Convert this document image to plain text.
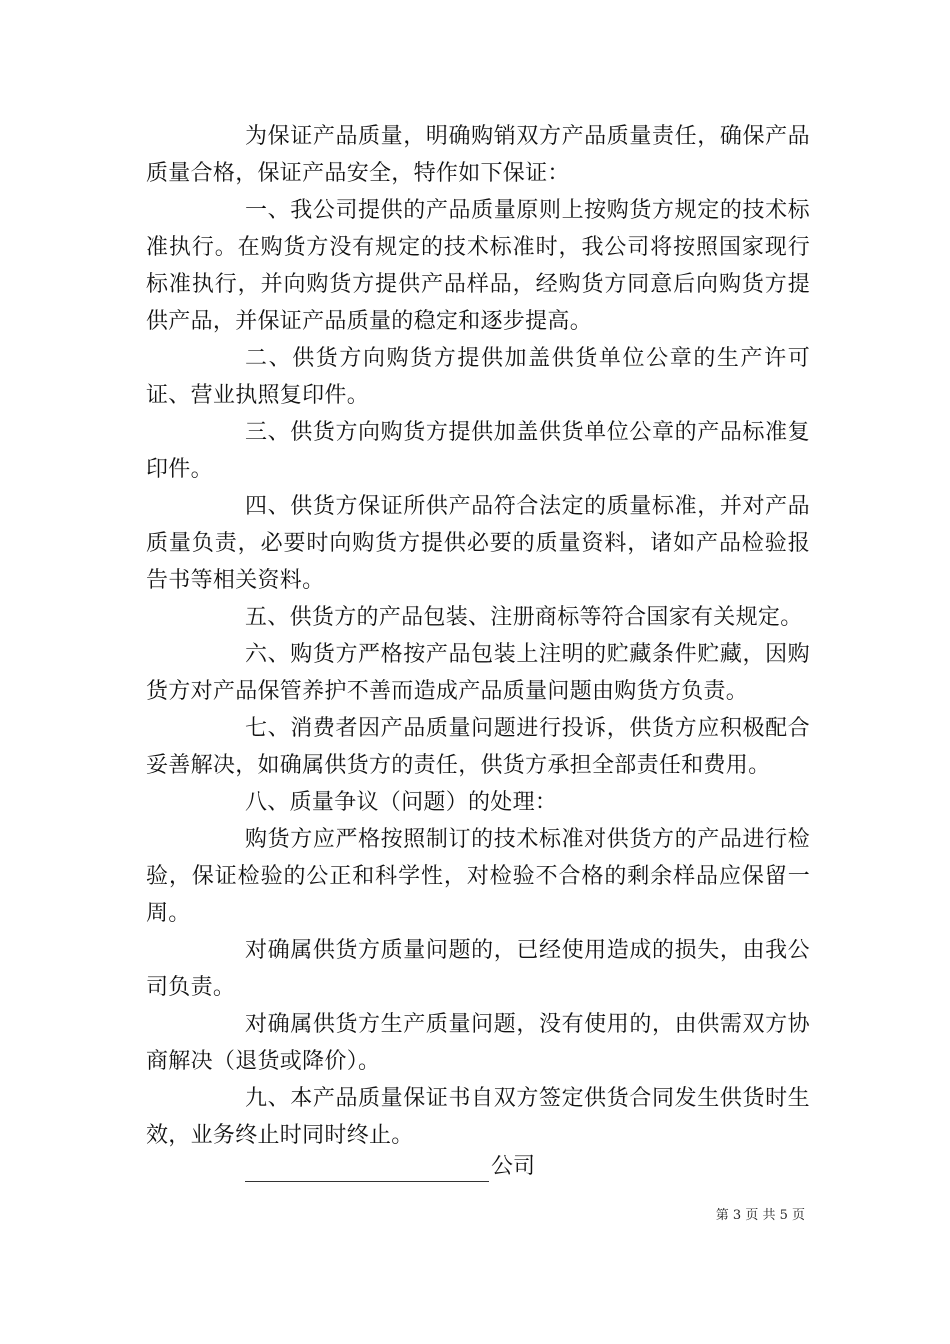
为保证产品质量，明确购销双方产品质量责任，确保产品质量合格，保证产品安全，特作如下保证：

一、我公司提供的产品质量原则上按购货方规定的技术标准执行。在购货方没有规定的技术标准时，我公司将按照国家现行标准执行，并向购货方提供产品样品，经购货方同意后向购货方提供产品，并保证产品质量的稳定和逐步提高。

二、供货方向购货方提供加盖供货单位公章的生产许可证、营业执照复印件。

三、供货方向购货方提供加盖供货单位公章的产品标准复印件。

四、供货方保证所供产品符合法定的质量标准，并对产品质量负责，必要时向购货方提供必要的质量资料，诸如产品检验报告书等相关资料。

五、供货方的产品包装、注册商标等符合国家有关规定。

六、购货方严格按产品包装上注明的贮藏条件贮藏，因购货方对产品保管养护不善而造成产品质量问题由购货方负责。

七、消费者因产品质量问题进行投诉，供货方应积极配合妥善解决，如确属供货方的责任，供货方承担全部责任和费用。

八、质量争议（问题）的处理：

购货方应严格按照制订的技术标准对供货方的产品进行检验，保证检验的公正和科学性，对检验不合格的剩余样品应保留一周。

对确属供货方质量问题的，已经使用造成的损失，由我公司负责。

对确属供货方生产质量问题，没有使用的，由供需双方协商解决（退货或降价）。

九、本产品质量保证书自双方签定供货合同发生供货时生效，业务终止时同时终止。

公司
第 3 页 共 5 页
